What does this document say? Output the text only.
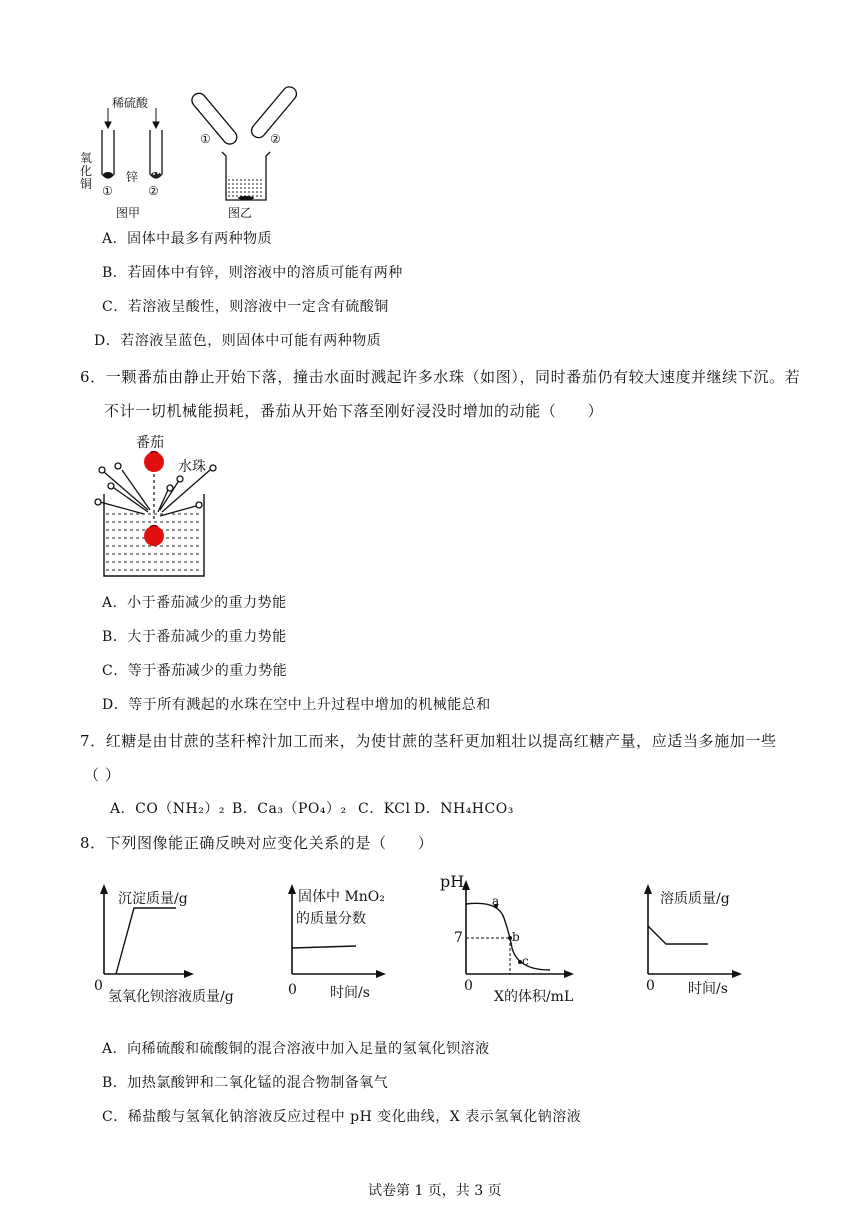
稀硫酸
氧化铜	锌
①	②
图甲	图乙
①	②
A．固体中最多有两种物质
B．若固体中有锌，则溶液中的溶质可能有两种
C．若溶液呈酸性，则溶液中一定含有硫酸铜
D．若溶液呈蓝色，则固体中可能有两种物质
6．一颗番茄由静止开始下落，撞击水面时溅起许多水珠（如图），同时番茄仍有较大速度并继续下沉。若
不计一切机械能损耗，番茄从开始下落至刚好浸没时增加的动能（　　）
番茄
水珠
A．小于番茄减少的重力势能
B．大于番茄减少的重力势能
C．等于番茄减少的重力势能
D．等于所有溅起的水珠在空中上升过程中增加的机械能总和
7．红糖是由甘蔗的茎秆榨汁加工而来，为使甘蔗的茎秆更加粗壮以提高红糖产量，应适当多施加一些
（ ）
A．CO（NH₂）₂ B．Ca₃（PO₄）₂ C．KCl D．NH₄HCO₃
8．下列图像能正确反映对应变化关系的是（　　）
沉淀质量/g
0
氢氧化钡溶液质量/g
固体中 MnO₂
的质量分数
0 时间/s
pH
7
a
b
c
0
X的体积/mL
溶质质量/g
0 时间/s
A．向稀硫酸和硫酸铜的混合溶液中加入足量的氢氧化钡溶液
B．加热氯酸钾和二氧化锰的混合物制备氧气
C．稀盐酸与氢氧化钠溶液反应过程中 pH 变化曲线，X 表示氢氧化钠溶液
试卷第 1 页，共 3 页
